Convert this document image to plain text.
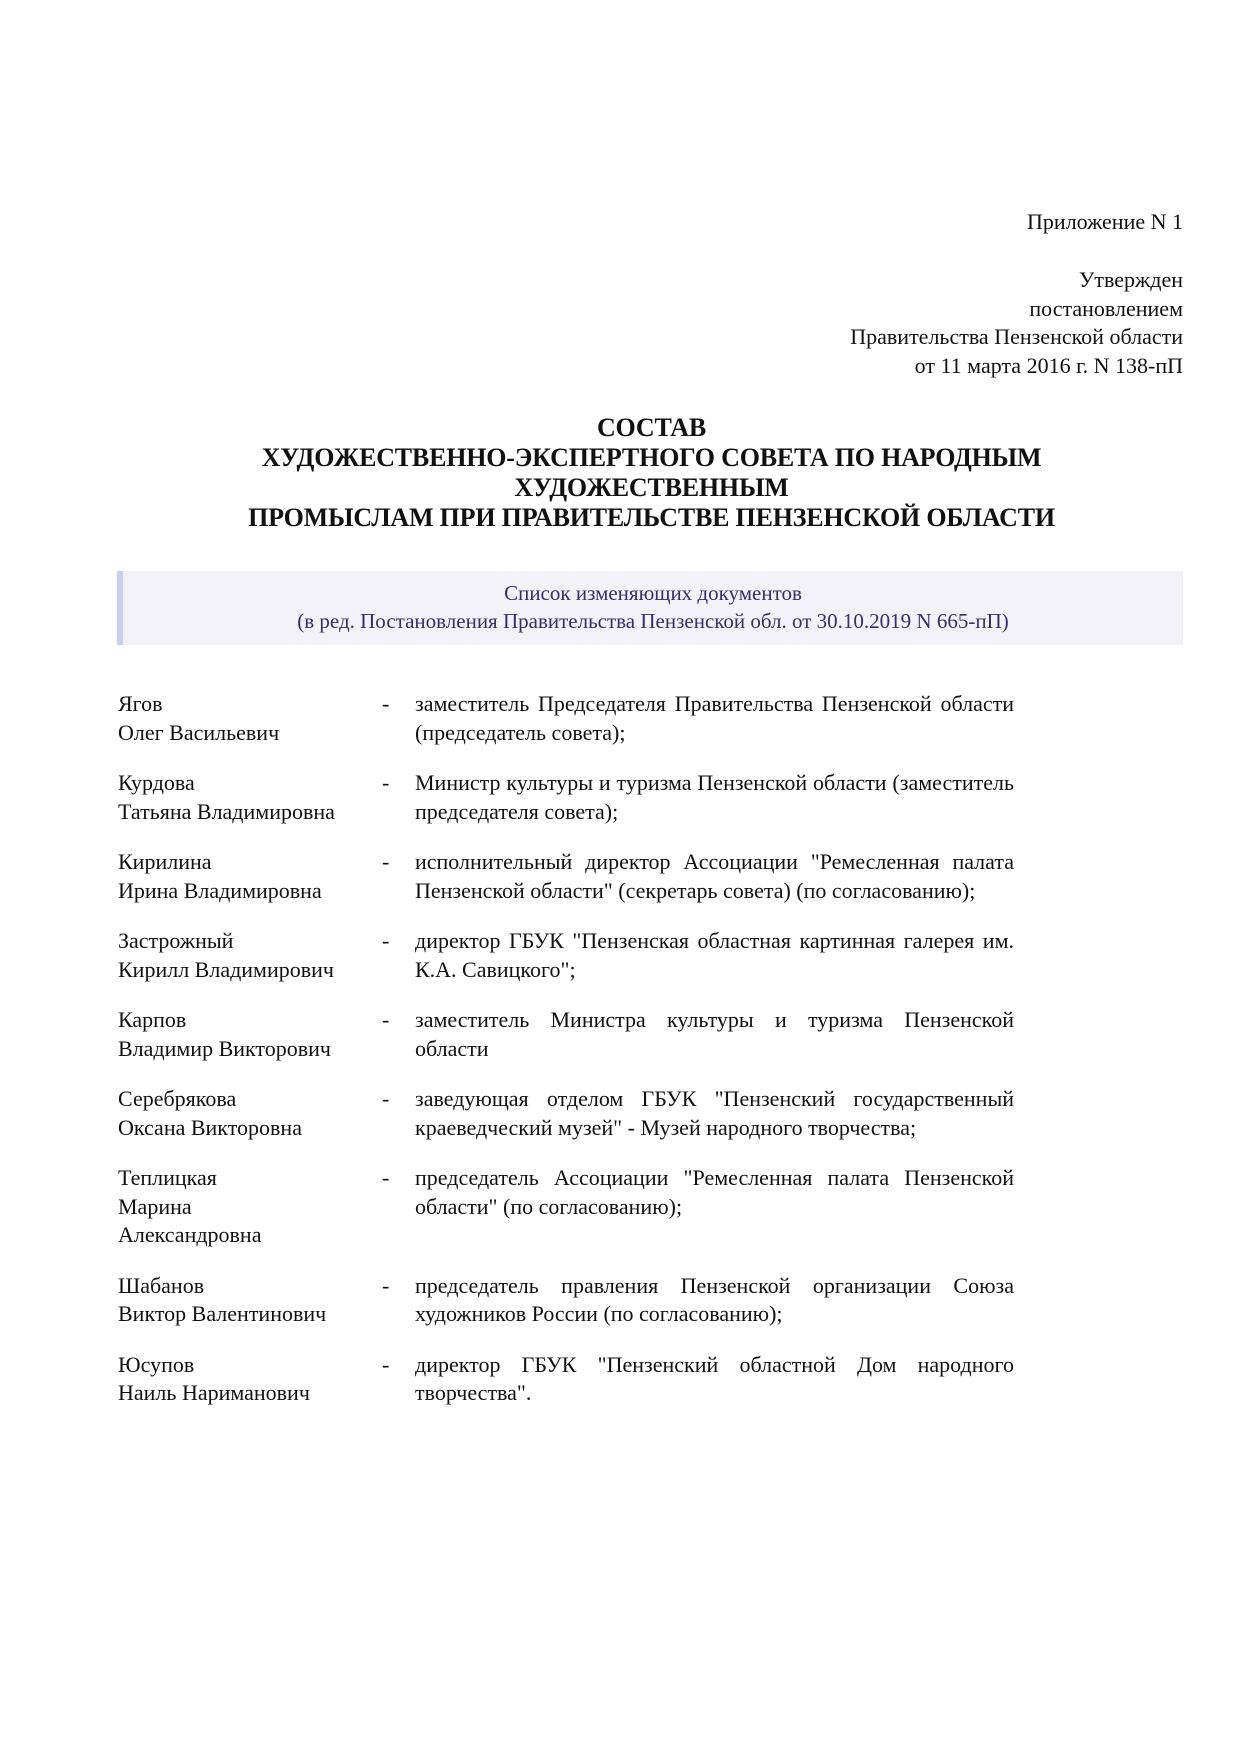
Приложение N 1
Утвержден
постановлением
Правительства Пензенской области
от 11 марта 2016 г. N 138-пП
СОСТАВ
ХУДОЖЕСТВЕННО-ЭКСПЕРТНОГО СОВЕТА ПО НАРОДНЫМ
ХУДОЖЕСТВЕННЫМ
ПРОМЫСЛАМ ПРИ ПРАВИТЕЛЬСТВЕ ПЕНЗЕНСКОЙ ОБЛАСТИ
Список изменяющих документов
(в ред. Постановления Правительства Пензенской обл. от 30.10.2019 N 665-пП)
Ягов
Олег Васильевич
-	заместитель Председателя Правительства Пензенской области (председатель совета);
Курдова
Татьяна Владимировна
-	Министр культуры и туризма Пензенской области (заместитель председателя совета);
Кирилина
Ирина Владимировна
-	исполнительный директор Ассоциации "Ремесленная палата Пензенской области" (секретарь совета) (по согласованию);
Застрожный
Кирилл Владимирович
-	директор ГБУК "Пензенская областная картинная галерея им. К.А. Савицкого";
Карпов
Владимир Викторович
-	заместитель Министра культуры и туризма Пензенской области
Серебрякова
Оксана Викторовна
-	заведующая отделом ГБУК "Пензенский государственный краеведческий музей" - Музей народного творчества;
Теплицкая
Марина
Александровна
-	председатель Ассоциации "Ремесленная палата Пензенской области" (по согласованию);
Шабанов
Виктор Валентинович
-	председатель правления Пензенской организации Союза художников России (по согласованию);
Юсупов
Наиль Нариманович
-	директор ГБУК "Пензенский областной Дом народного творчества".
